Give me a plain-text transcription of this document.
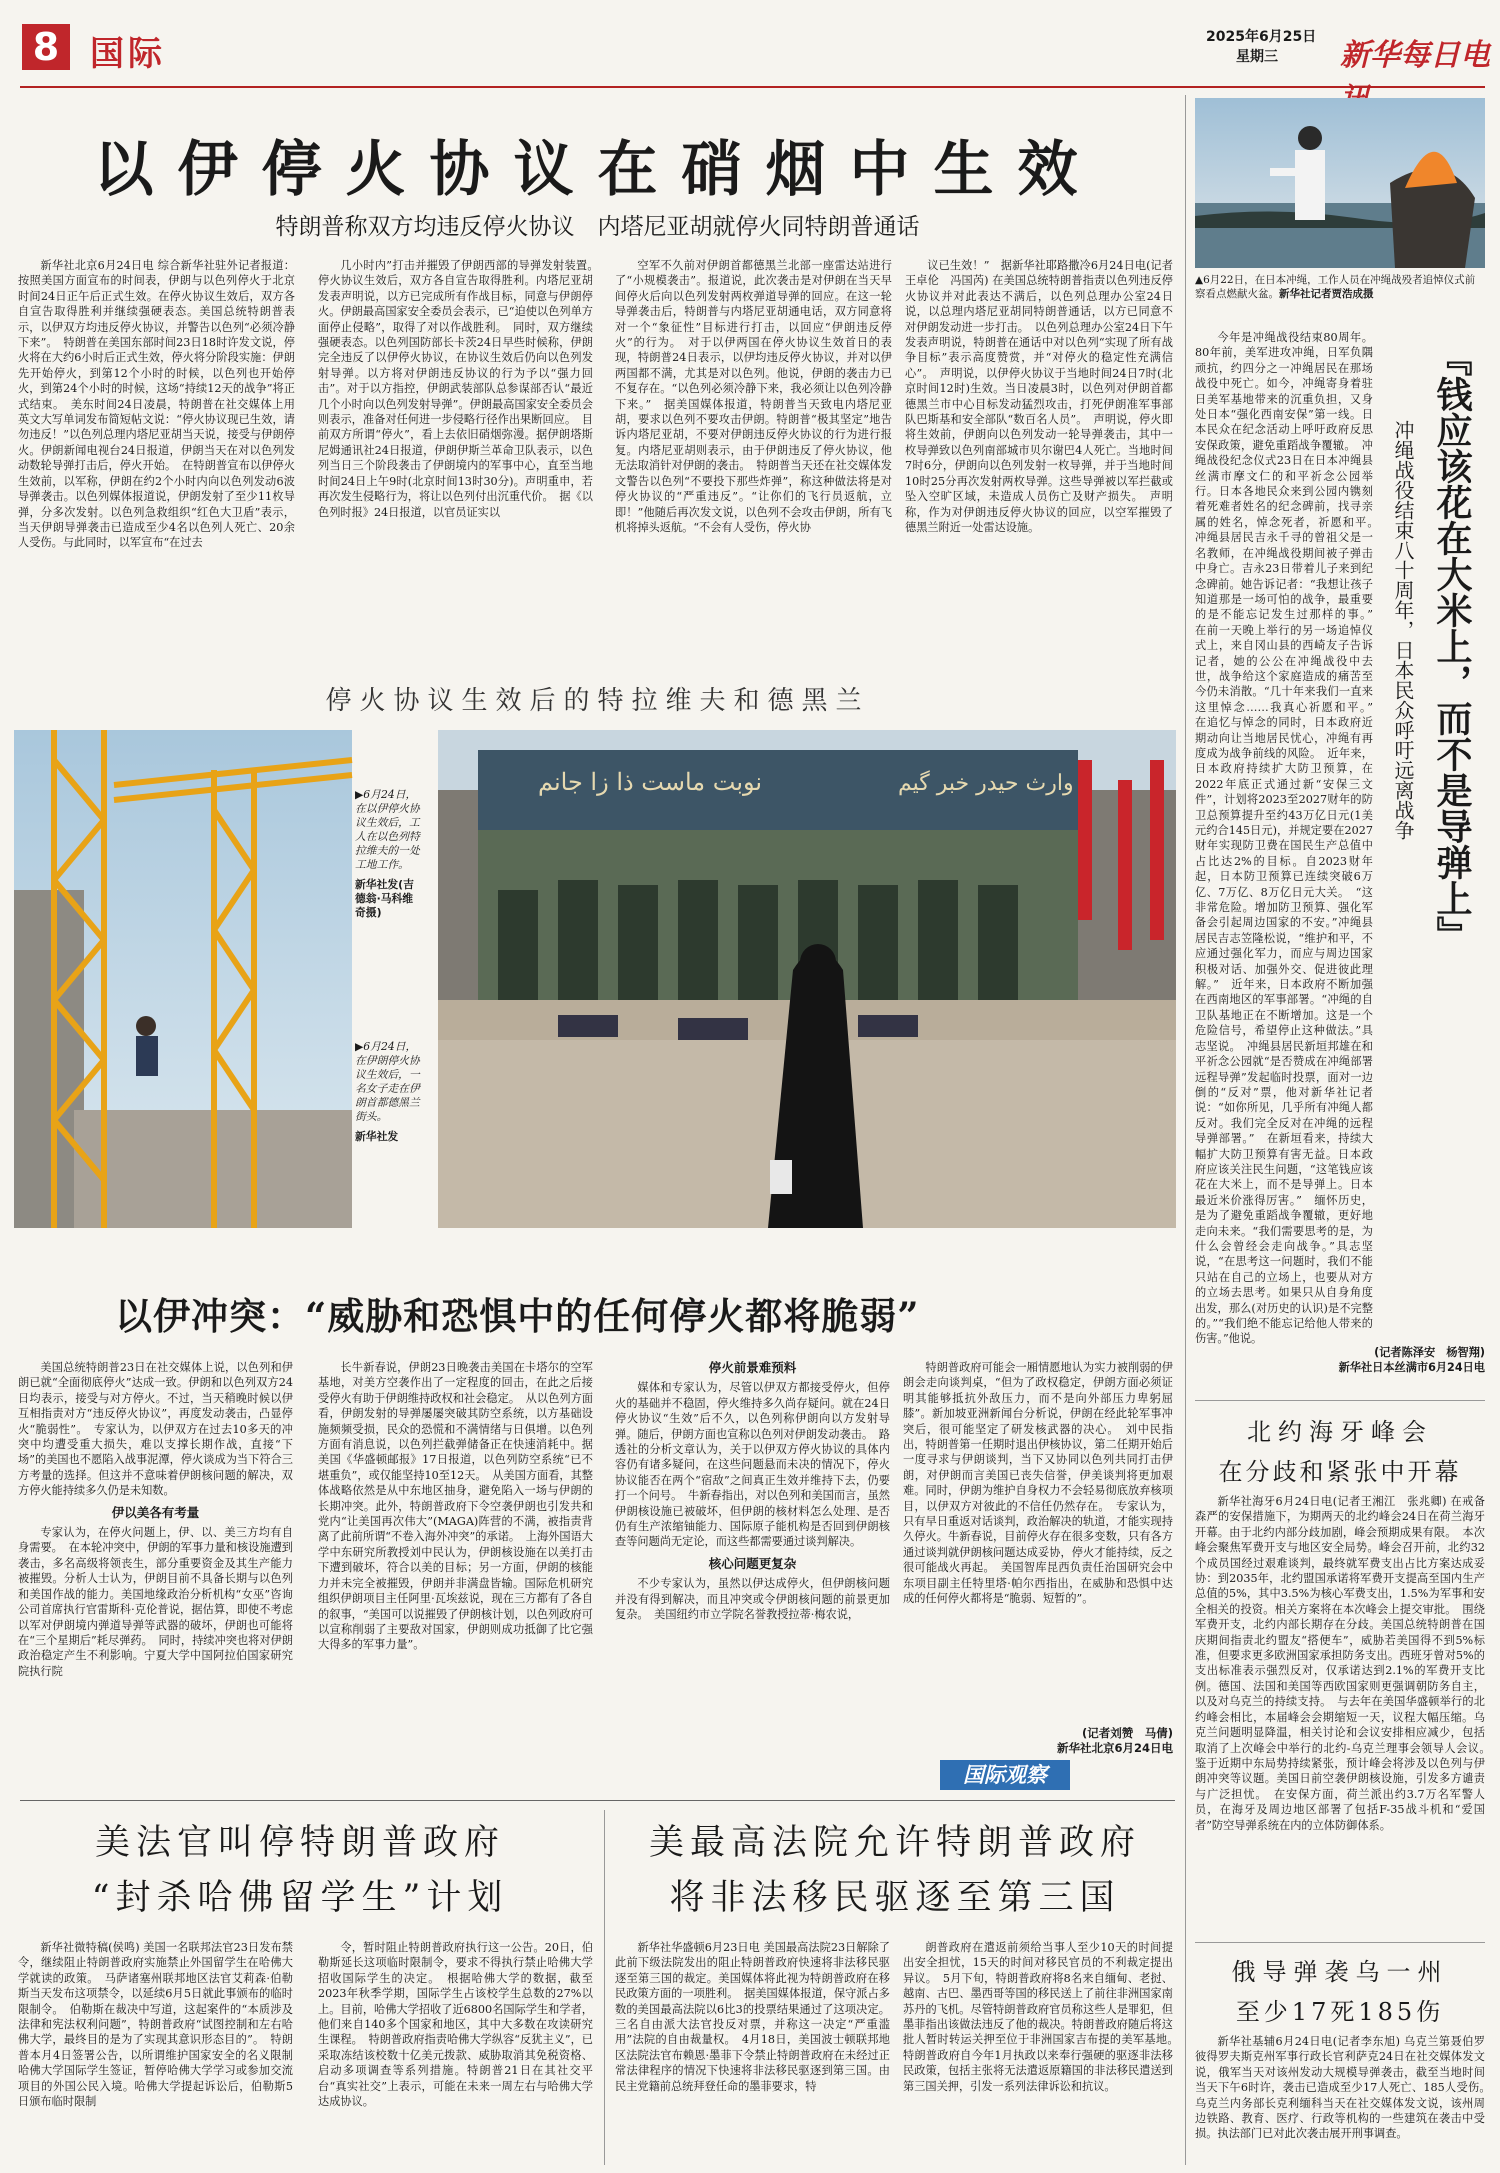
8 国际	2025年6月25日
星期三 新华每日电
以伊停火协议在硝烟中生效
特朗普称双方均违反停火协议　内塔尼亚胡就停火同特朗普通话

新华社北京6月24日电 综合新华社驻外记者报道：按照美国方面宣布的时间表，伊朗与以色列停火于北京时间24日正午后正式生效。在停火协议生效后，双方各自宣告取得胜利并继续强硬表态。美国总统特朗普表示，以伊双方均违反停火协议，并警告以色列“必须冷静下来”。　特朗普在美国东部时间23日18时许发文说，停火将在大约6小时后正式生效，停火将分阶段实施：伊朗先开始停火，到第12个小时的时候，以色列也开始停火，到第24个小时的时候，这场“持续12天的战争”将正式结束。　美东时间24日凌晨，特朗普在社交媒体上用英文大写单词发布简短帖文说：“停火协议现已生效，请勿违反！”以色列总理内塔尼亚胡当天说，接受与伊朗停火。伊朗新闻电视台24日报道，伊朗当天在对以色列发动数轮导弹打击后，停火开始。　在特朗普宣布以伊停火生效前，以军称，伊朗在约2个小时内向以色列发动6波导弹袭击。以色列媒体报道说，伊朗发射了至少11枚导弹，分多次发射。以色列急救组织“红色大卫盾”表示，当天伊朗导弹袭击已造成至少4名以色列人死亡、20余人受伤。与此同时，以军宣布“在过去

几小时内”打击并摧毁了伊朗西部的导弹发射装置。　停火协议生效后，双方各自宣告取得胜利。内塔尼亚胡发表声明说，以方已完成所有作战目标，同意与伊朗停火。伊朗最高国家安全委员会表示，已“迫使以色列单方面停止侵略”，取得了对以作战胜利。　同时，双方继续强硬表态。以色列国防部长卡茨24日早些时候称，伊朗完全违反了以伊停火协议，在协议生效后仍向以色列发射导弹。以方将对伊朗违反协议的行为予以“强力回击”。对于以方指控，伊朗武装部队总参谋部否认“最近几个小时向以色列发射导弹”。伊朗最高国家安全委员会则表示，准备对任何进一步侵略行径作出果断回应。　目前双方所谓“停火”，看上去依旧硝烟弥漫。据伊朗塔斯尼姆通讯社24日报道，伊朗伊斯兰革命卫队表示，以色列当日三个阶段袭击了伊朗境内的军事中心，直至当地时间24日上午9时(北京时间13时30分)。声明重申，若再次发生侵略行为，将让以色列付出沉重代价。　据《以色列时报》24日报道，以官员证实以

空军不久前对伊朗首都德黑兰北部一座雷达站进行了“小规模袭击”。报道说，此次袭击是对伊朗在当天早间停火后向以色列发射两枚弹道导弹的回应。在这一轮导弹袭击后，特朗普与内塔尼亚胡通电话，双方同意将对一个“象征性”目标进行打击，以回应“伊朗违反停火”的行为。　对于以伊两国在停火协议生效首日的表现，特朗普24日表示，以伊均违反停火协议，并对以伊两国都不满，尤其是对以色列。他说，伊朗的袭击力已不复存在。“以色列必须冷静下来，我必须让以色列冷静下来。”　据美国媒体报道，特朗普当天致电内塔尼亚胡，要求以色列不要攻击伊朗。特朗普“极其坚定”地告诉内塔尼亚胡，不要对伊朗违反停火协议的行为进行报复。内塔尼亚胡则表示，由于伊朗违反了停火协议，他无法取消针对伊朗的袭击。　特朗普当天还在社交媒体发文警告以色列“不要投下那些炸弹”，称这种做法将是对停火协议的“严重违反”。“让你们的飞行员返航，立即！”他随后再次发文说，以色列不会攻击伊朗，所有飞机将掉头返航。“不会有人受伤，停火协

议已生效！”　据新华社耶路撒冷6月24日电(记者王卓伦　冯国芮) 在美国总统特朗普指责以色列违反停火协议并对此表达不满后，以色列总理办公室24日说，以总理内塔尼亚胡同特朗普通话，以方已同意不对伊朗发动进一步打击。　以色列总理办公室24日下午发表声明说，特朗普在通话中对以色列“实现了所有战争目标”表示高度赞赏，并“对停火的稳定性充满信心”。　声明说，以伊停火协议于当地时间24日7时(北京时间12时)生效。当日凌晨3时，以色列对伊朗首都德黑兰市中心目标发动猛烈攻击，打死伊朗准军事部队巴斯基和安全部队“数百名人员”。　声明说，停火即将生效前，伊朗向以色列发动一轮导弹袭击，其中一枚导弹致以色列南部城市贝尔谢巴4人死亡。当地时间7时6分，伊朗向以色列发射一枚导弹，并于当地时间10时25分再次发射两枚导弹。这些导弹被以军拦截或坠入空旷区域，未造成人员伤亡及财产损失。　声明称，作为对伊朗违反停火协议的回应，以空军摧毁了德黑兰附近一处雷达设施。

停火协议生效后的特拉维夫和德黑兰
▶6月24日，在以伊停火协议生效后，工人在以色列特拉维夫的一处工地工作。
新华社发(吉德翁·马科维奇摄)
▶6月24日，在伊朗停火协议生效后，一名女子走在伊朗首都德黑兰街头。
新华社发
نوبت ماست ذا زا جانم	وارث حیدر خبر گیم
以伊冲突：“威胁和恐惧中的任何停火都将脆弱”

美国总统特朗普23日在社交媒体上说，以色列和伊朗已就“全面彻底停火”达成一致。伊朗和以色列双方24日均表示，接受与对方停火。不过，当天稍晚时候以伊互相指责对方“违反停火协议”，再度发动袭击，凸显停火“脆弱性”。　专家认为，以伊双方在过去10多天的冲突中均遭受重大损失，难以支撑长期作战，直接“下场”的美国也不愿陷入战事泥潭，停火谈成为当下符合三方考量的选择。但这并不意味着伊朗核问题的解决，双方停火能持续多久仍是未知数。

伊以美各有考量

专家认为，在停火问题上，伊、以、美三方均有自身需要。　在本轮冲突中，伊朗的军事力量和核设施遭到袭击，多名高级将领丧生，部分重要资金及其生产能力被摧毁。分析人士认为，伊朗目前不具备长期与以色列和美国作战的能力。美国地缘政治分析机构“女巫”咨询公司首席执行官雷斯科·克伦普说，据估算，即使不考虑以军对伊朗境内弹道导弹等武器的破坏，伊朗也可能将在“三个星期后”耗尽弹药。　同时，持续冲突也将对伊朗政治稳定产生不利影响。宁夏大学中国阿拉伯国家研究院执行院

长牛新春说，伊朗23日晚袭击美国在卡塔尔的空军基地，对美方空袭作出了一定程度的回击，在此之后接受停火有助于伊朗维持政权和社会稳定。　从以色列方面看，伊朗发射的导弹屡屡突破其防空系统，以方基础设施频频受损，民众的恐慌和不满情绪与日俱增。以色列方面有消息说，以色列拦截弹储备正在快速消耗中。据美国《华盛顿邮报》17日报道，以色列防空系统“已不堪重负”，或仅能坚持10至12天。　从美国方面看，其整体战略依然是从中东地区抽身，避免陷入一场与伊朗的长期冲突。此外，特朗普政府下令空袭伊朗也引发共和党内“让美国再次伟大”(MAGA)阵营的不满，被指责背离了此前所谓“不卷入海外冲突”的承诺。　上海外国语大学中东研究所教授刘中民认为，伊朗核设施在以美打击下遭到破坏，符合以美的目标；另一方面，伊朗的核能力并未完全被摧毁，伊朗并非满盘皆输。国际危机研究组织伊朗项目主任阿里·瓦埃兹说，现在三方都有了各自的叙事，“美国可以说摧毁了伊朗核计划，以色列政府可以宣称削弱了主要敌对国家，伊朗则成功抵御了比它强大得多的军事力量”。

停火前景难预料

媒体和专家认为，尽管以伊双方都接受停火，但停火的基础并不稳固，停火维持多久尚存疑问。就在24日停火协议“生效”后不久，以色列称伊朗向以方发射导弹。随后，伊朗方面也宣称以色列对伊朗发动袭击。　路透社的分析文章认为，关于以伊双方停火协议的具体内容仍有诸多疑问，在这些问题悬而未决的情况下，停火协议能否在两个“宿敌”之间真正生效并维持下去，仍要打一个问号。　牛新春指出，对以色列和美国而言，虽然伊朗核设施已被破坏，但伊朗的核材料怎么处理、是否仍有生产浓缩铀能力、国际原子能机构是否回到伊朗核查等问题尚无定论，而这些都需要通过谈判解决。

核心问题更复杂

不少专家认为，虽然以伊达成停火，但伊朗核问题并没有得到解决，而且冲突或令伊朗核问题的前景更加复杂。　美国纽约市立学院名誉教授拉蒂·梅农说，

特朗普政府可能会一厢情愿地认为实力被削弱的伊朗会走向谈判桌，“但为了政权稳定，伊朗方面必须证明其能够抵抗外敌压力，而不是向外部压力卑躬屈膝”。新加坡亚洲新闻台分析说，伊朗在经此轮军事冲突后，很可能坚定了研发核武器的决心。　刘中民指出，特朗普第一任期时退出伊核协议，第二任期开始后一度寻求与伊朗谈判，当下又协同以色列共同打击伊朗，对伊朗而言美国已丧失信誉，伊美谈判将更加艰难。同时，伊朗为维护自身权力不会轻易彻底放弃核项目，以伊双方对彼此的不信任仍然存在。　专家认为，只有早日重返对话谈判，政治解决的轨道，才能实现持久停火。牛新春说，目前停火存在很多变数，只有各方通过谈判就伊朗核问题达成妥协，停火才能持续，反之很可能战火再起。　美国智库昆西负责任治国研究会中东项目副主任特里塔·帕尔西指出，在威胁和恐惧中达成的任何停火都将是“脆弱、短暂的”。

(记者刘赞　马倩)
新华社北京6月24日电
国际观察
美法官叫停特朗普政府
“封杀哈佛留学生”计划

新华社微特稿(侯鸣) 美国一名联邦法官23日发布禁令，继续阻止特朗普政府实施禁止外国留学生在哈佛大学就读的政策。　马萨诸塞州联邦地区法官艾莉森·伯勒斯当天发布这项禁令，以延续6月5日就此事颁布的临时限制令。　伯勒斯在裁决中写道，这起案件的“本质涉及法律和宪法权利问题”，特朗普政府“试图控制和左右哈佛大学，最终目的是为了实现其意识形态目的”。　特朗普本月4日签署公告，以所谓维护国家安全的名义限制哈佛大学国际学生签证，暂停哈佛大学学习或参加交流项目的外国公民入境。哈佛大学提起诉讼后，伯勒斯5日颁布临时限制

令，暂时阻止特朗普政府执行这一公告。20日，伯勒斯延长这项临时限制令，要求不得执行禁止哈佛大学招收国际学生的决定。　根据哈佛大学的数据，截至2023年秋季学期，国际学生占该校学生总数的27%以上。目前，哈佛大学招收了近6800名国际学生和学者，他们来自140多个国家和地区，其中大多数在攻读研究生课程。　特朗普政府指责哈佛大学纵容“反犹主义”，已采取冻结该校数十亿美元拨款、威胁取消其免税资格、启动多项调查等系列措施。特朗普21日在其社交平台“真实社交”上表示，可能在未来一周左右与哈佛大学达成协议。

美最高法院允许特朗普政府
将非法移民驱逐至第三国

新华社华盛顿6月23日电 美国最高法院23日解除了此前下级法院发出的阻止特朗普政府快速将非法移民驱逐至第三国的裁定。美国媒体将此视为特朗普政府在移民政策方面的一项胜利。　据美国媒体报道，保守派占多数的美国最高法院以6比3的投票结果通过了这项决定。三名自由派大法官投反对票，并称这一决定“严重滥用”法院的自由裁量权。　4月18日，美国波士顿联邦地区法院法官布赖恩·墨菲下令禁止特朗普政府在未经过正常法律程序的情况下快速将非法移民驱逐到第三国。由民主党籍前总统拜登任命的墨菲要求，特

朗普政府在遣返前须给当事人至少10天的时间提出安全担忧，15天的时间对移民官员的不利裁定提出异议。　5月下旬，特朗普政府将8名来自缅甸、老挝、越南、古巴、墨西哥等国的移民送上了前往非洲国家南苏丹的飞机。尽管特朗普政府官员称这些人是罪犯，但墨菲指出该做法违反了他的裁决。特朗普政府随后将这批人暂时转运关押至位于非洲国家吉布提的美军基地。　特朗普政府自今年1月执政以来奉行强硬的驱逐非法移民政策，包括主张将无法遣返原籍国的非法移民遣送到第三国关押，引发一系列法律诉讼和抗议。

▲6月22日，在日本冲绳，工作人员在冲绳战殁者追悼仪式前察看点燃献火盆。新华社记者贾浩成摄

今年是冲绳战役结束80周年。80年前，美军进攻冲绳，日军负隅顽抗，约四分之一冲绳居民在那场战役中死亡。如今，冲绳寄身着驻日美军基地带来的沉重负担，又身处日本“强化西南安保”第一线。日本民众在纪念活动上呼吁政府反思安保政策，避免重蹈战争覆辙。　冲绳战役纪念仪式23日在日本冲绳县丝满市摩文仁的和平祈念公园举行。日本各地民众来到公园内镌刻着死难者姓名的纪念碑前，找寻亲属的姓名，悼念死者，祈愿和平。　冲绳县居民吉永千寻的曾祖父是一名教师，在冲绳战役期间被子弹击中身亡。吉永23日带着儿子来到纪念碑前。她告诉记者：“我想让孩子知道那是一场可怕的战争，最重要的是不能忘记发生过那样的事。”　在前一天晚上举行的另一场追悼仪式上，来自冈山县的西崎友子告诉记者，她的公公在冲绳战役中去世，战争给这个家庭造成的痛苦至今仍未消散。“几十年来我们一直来这里悼念……我真心祈愿和平。”　在追忆与悼念的同时，日本政府近期动向让当地居民忧心，冲绳有再度成为战争前线的风险。　近年来，日本政府持续扩大防卫预算，在2022年底正式通过新“安保三文件”，计划将2023至2027财年的防卫总预算提升至约43万亿日元(1美元约合145日元)，并规定要在2027财年实现防卫费在国民生产总值中占比达2%的目标。自2023财年起，日本防卫预算已连续突破6万亿、7万亿、8万亿日元大关。　“这非常危险。增加防卫预算、强化军备会引起周边国家的不安。”冲绳县居民吉志笠隆松说，“维护和平，不应通过强化军力，而应与周边国家积极对话、加强外交、促进彼此理解。”　近年来，日本政府不断加强在西南地区的军事部署。“冲绳的自卫队基地正在不断增加。这是一个危险信号，希望停止这种做法。”具志坚说。　冲绳县居民新垣邦雄在和平祈念公园就“是否赞成在冲绳部署远程导弹”发起临时投票，面对一边倒的“反对”票，他对新华社记者说：“如你所见，几乎所有冲绳人都反对。我们完全反对在冲绳的远程导弹部署。”　在新垣看来，持续大幅扩大防卫预算有害无益。日本政府应该关注民生问题，“这笔钱应该花在大米上，而不是导弹上。日本最近米价涨得厉害。”　缅怀历史，是为了避免重蹈战争覆辙，更好地走向未来。“我们需要思考的是，为什么会曾经会走向战争。”具志坚说，“在思考这一问题时，我们不能只站在自己的立场上，也要从对方的立场去思考。如果只从自身角度出发，那么(对历史的认识)是不完整的。”“我们绝不能忘记给他人带来的伤害。”他说。

『钱应该花在大米上，而不是导弹上』
冲绳战役结束八十周年，日本民众呼吁远离战争
(记者陈泽安　杨智翔)
新华社日本丝满市6月24日电
北约海牙峰会
在分歧和紧张中开幕

新华社海牙6月24日电(记者王湘江　张兆卿) 在戒备森严的安保措施下，为期两天的北约峰会24日在荷兰海牙开幕。由于北约内部分歧加剧，峰会预期成果有限。　本次峰会聚焦军费开支与地区安全局势。峰会召开前，北约32个成员国经过艰难谈判，最终就军费支出占比方案达成妥协：到2035年，北约盟国承诺将军费开支提高至国内生产总值的5%，其中3.5%为核心军费支出，1.5%为军事和安全相关的投资。相关方案将在本次峰会上提交审批。　围绕军费开支，北约内部长期存在分歧。美国总统特朗普在国庆期间指责北约盟友“搭便车”，威胁若美国得不到5%标准，但要求更多欧洲国家承担防务支出。西班牙曾对5%的支出标准表示强烈反对，仅承诺达到2.1%的军费开支比例。德国、法国和美国等西欧国家则更强调朝防务自主，以及对乌克兰的持续支持。　与去年在美国华盛顿举行的北约峰会相比，本届峰会会期缩短一天，议程大幅压缩。乌克兰问题明显降温，相关讨论和会议安排相应减少，包括取消了上次峰会中举行的北约-乌克兰理事会领导人会议。　鉴于近期中东局势持续紧张，预计峰会将涉及以色列与伊朗冲突等议题。美国日前空袭伊朗核设施，引发多方谴责与广泛担忧。　在安保方面，荷兰派出约3.7万名军警人员，在海牙及周边地区部署了包括F-35战斗机和“爱国者”防空导弹系统在内的立体防御体系。

俄导弹袭乌一州
至少17死185伤

新华社基辅6月24日电(记者李东旭) 乌克兰第聂伯罗彼得罗夫斯克州军事行政长官利萨克24日在社交媒体发文说，俄军当天对该州发动大规模导弹袭击，截至当地时间当天下午6时许，袭击已造成至少17人死亡、185人受伤。　乌克兰内务部长克利缅科当天在社交媒体发文说，该州周边铁路、教育、医疗、行政等机构的一些建筑在袭击中受损。执法部门已对此次袭击展开刑事调查。
